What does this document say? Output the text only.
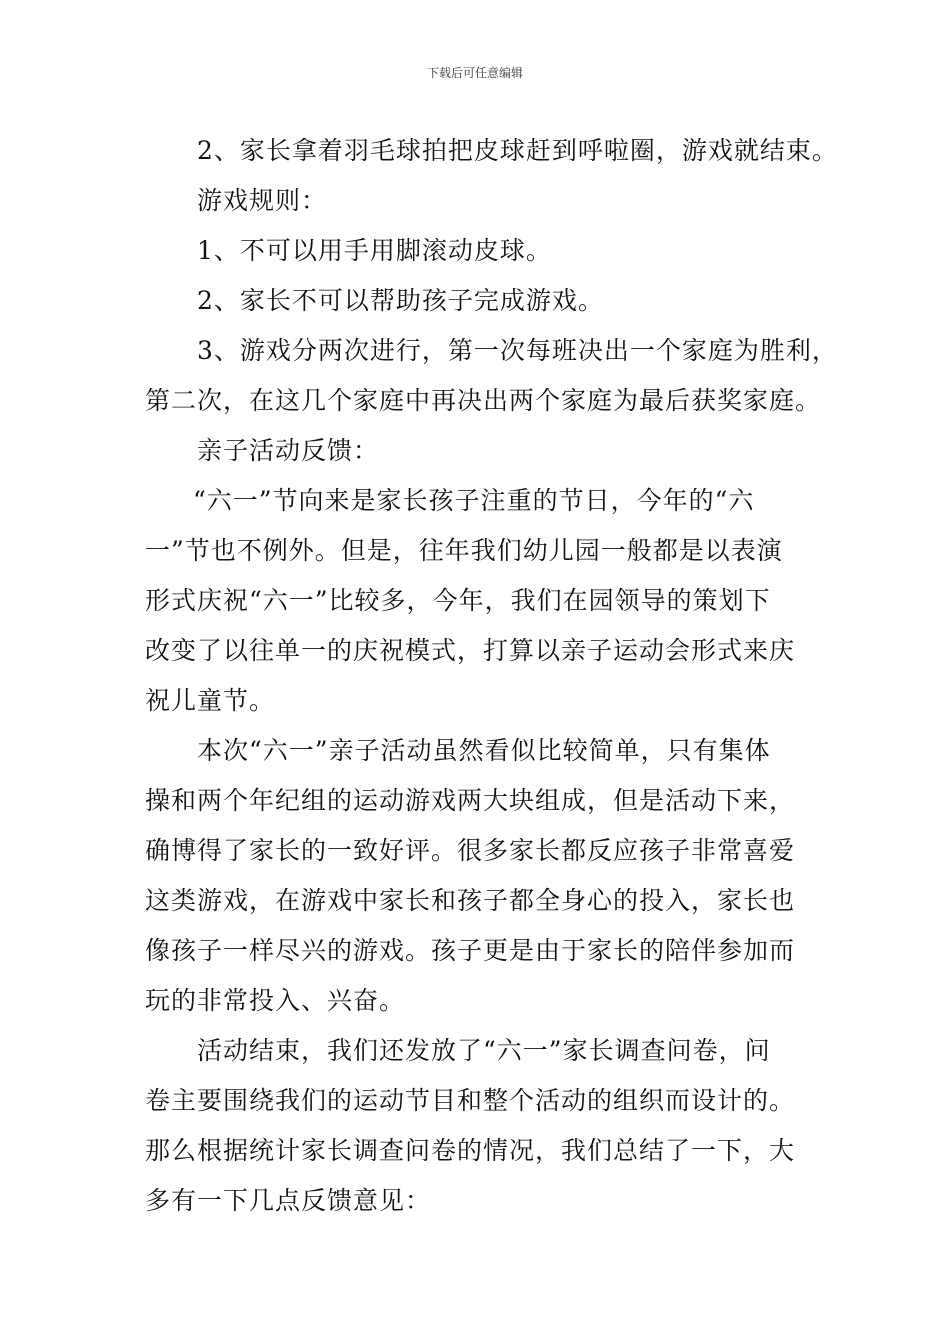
下载后可任意编辑

2、家长拿着羽毛球拍把皮球赶到呼啦圈，游戏就结束。

游戏规则：

1、不可以用手用脚滚动皮球。

2、家长不可以帮助孩子完成游戏。

3、游戏分两次进行，第一次每班决出一个家庭为胜利，

第二次，在这几个家庭中再决出两个家庭为最后获奖家庭。

亲子活动反馈：

“六一”节向来是家长孩子注重的节日，今年的“六

一”节也不例外。但是，往年我们幼儿园一般都是以表演

形式庆祝“六一”比较多，今年，我们在园领导的策划下

改变了以往单一的庆祝模式，打算以亲子运动会形式来庆

祝儿童节。

本次“六一”亲子活动虽然看似比较简单，只有集体

操和两个年纪组的运动游戏两大块组成，但是活动下来，

确博得了家长的一致好评。很多家长都反应孩子非常喜爱

这类游戏，在游戏中家长和孩子都全身心的投入，家长也

像孩子一样尽兴的游戏。孩子更是由于家长的陪伴参加而

玩的非常投入、兴奋。

活动结束，我们还发放了“六一”家长调查问卷，问

卷主要围绕我们的运动节目和整个活动的组织而设计的。

那么根据统计家长调查问卷的情况，我们总结了一下，大

多有一下几点反馈意见：
